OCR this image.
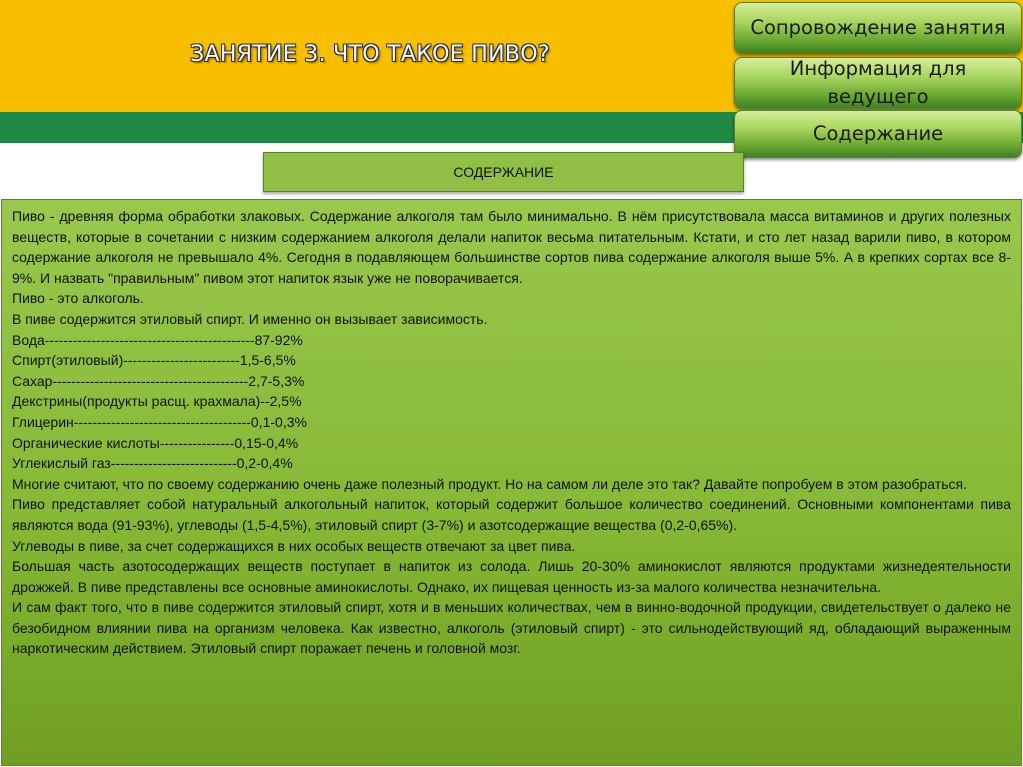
ЗАНЯТИЕ 3. ЧТО ТАКОЕ ПИВО?
Сопровождение занятия
Информация для ведущего
Содержание
СОДЕРЖАНИЕ

Пиво - древняя форма обработки злаковых. Содержание алкоголя там было минимально. В нём присутствовала масса витаминов и других полезных веществ, которые в сочетании с низким содержанием алкоголя делали напиток весьма питательным. Кстати, и сто лет назад варили пиво, в котором содержание алкоголя не превышало 4%. Сегодня в подавляющем большинстве сортов пива содержание алкоголя выше 5%. А в крепких сортах все 8-9%. И назвать "правильным" пивом этот напиток язык уже не поворачивается.

Пиво - это алкоголь.

В пиве содержится этиловый спирт. И именно он вызывает зависимость.

Вода---------------------------------------------87-92%

Спирт(этиловый)-------------------------1,5-6,5%

Сахар------------------------------------------2,7-5,3%

Декстрины(продукты расщ. крахмала)--2,5%

Глицерин--------------------------------------0,1-0,3%

Органические кислоты----------------0,15-0,4%

Углекислый газ---------------------------0,2-0,4%

Многие считают, что по своему содержанию очень даже полезный продукт. Но на самом ли деле это так? Давайте попробуем в этом разобраться.

Пиво представляет собой натуральный алкогольный напиток, который содержит большое количество соединений. Основными компонентами пива являются вода (91-93%), углеводы (1,5-4,5%), этиловый спирт (3-7%) и азотсодержащие вещества (0,2-0,65%).

Углеводы в пиве, за счет содержащихся в них особых веществ отвечают за цвет пива.

Большая часть азотосодержащих веществ поступает в напиток из солода. Лишь 20-30% аминокислот являются продуктами жизнедеятельности дрожжей. В пиве представлены все основные аминокислоты. Однако, их пищевая ценность из-за малого количества незначительна.

И сам факт того, что в пиве содержится этиловый спирт, хотя и в меньших количествах, чем в винно-водочной продукции, свидетельствует о далеко не безобидном влиянии пива на организм человека. Как известно, алкоголь (этиловый спирт) - это сильнодействующий яд, обладающий выраженным наркотическим действием. Этиловый спирт поражает печень и головной мозг.
